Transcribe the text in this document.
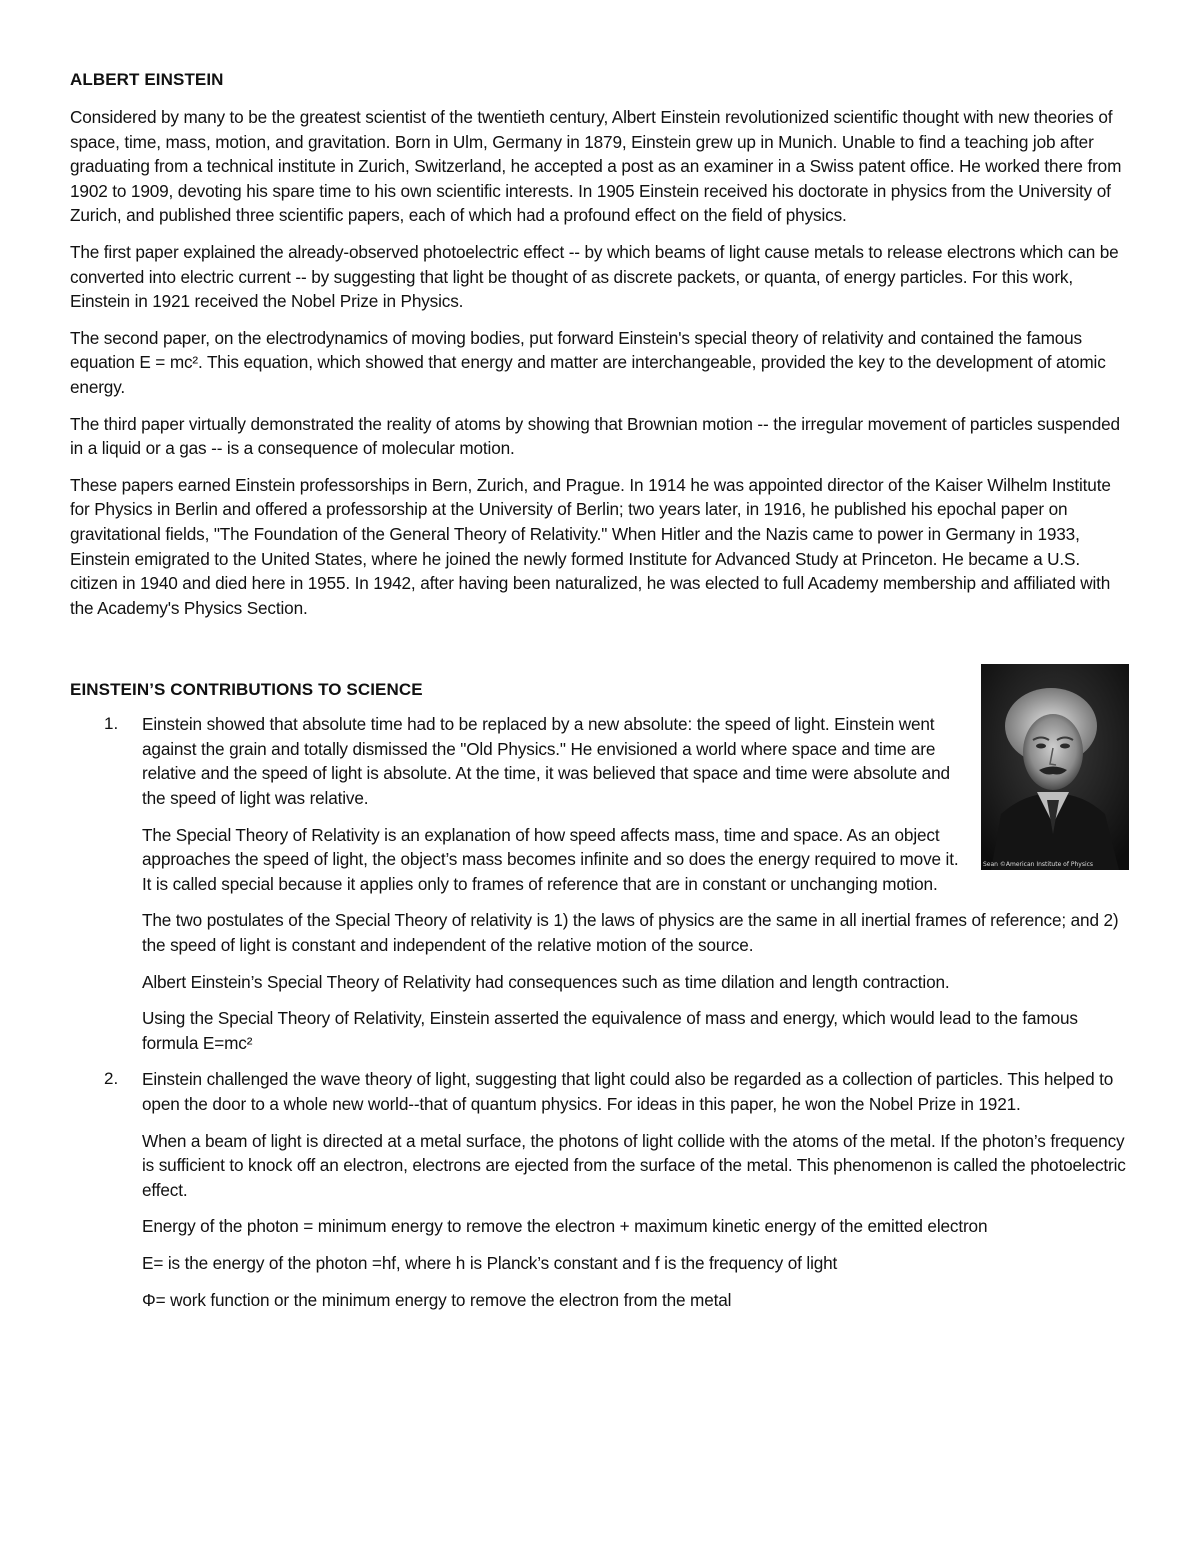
ALBERT EINSTEIN

Considered by many to be the greatest scientist of the twentieth century, Albert Einstein revolutionized scientific thought with new theories of space, time, mass, motion, and gravitation. Born in Ulm, Germany in 1879, Einstein grew up in Munich. Unable to find a teaching job after graduating from a technical institute in Zurich, Switzerland, he accepted a post as an examiner in a Swiss patent office. He worked there from 1902 to 1909, devoting his spare time to his own scientific interests. In 1905 Einstein received his doctorate in physics from the University of Zurich, and published three scientific papers, each of which had a profound effect on the field of physics.

The first paper explained the already-observed photoelectric effect -- by which beams of light cause metals to release electrons which can be converted into electric current -- by suggesting that light be thought of as discrete packets, or quanta, of energy particles. For this work, Einstein in 1921 received the Nobel Prize in Physics.

The second paper, on the electrodynamics of moving bodies, put forward Einstein's special theory of relativity and contained the famous equation E = mc². This equation, which showed that energy and matter are interchangeable, provided the key to the development of atomic energy.

The third paper virtually demonstrated the reality of atoms by showing that Brownian motion -- the irregular movement of particles suspended in a liquid or a gas -- is a consequence of molecular motion.

These papers earned Einstein professorships in Bern, Zurich, and Prague. In 1914 he was appointed director of the Kaiser Wilhelm Institute for Physics in Berlin and offered a professorship at the University of Berlin; two years later, in 1916, he published his epochal paper on gravitational fields, "The Foundation of the General Theory of Relativity." When Hitler and the Nazis came to power in Germany in 1933, Einstein emigrated to the United States, where he joined the newly formed Institute for Advanced Study at Princeton. He became a U.S. citizen in 1940 and died here in 1955. In 1942, after having been naturalized, he was elected to full Academy membership and affiliated with the Academy's Physics Section.

EINSTEIN’S CONTRIBUTIONS TO SCIENCE
Sean ©American Institute of Physics
1. Einstein showed that absolute time had to be replaced by a new absolute: the speed of light. Einstein went against the grain and totally dismissed the "Old Physics." He envisioned a world where space and time are relative and the speed of light is absolute. At the time, it was believed that space and time were absolute and the speed of light was relative.

The Special Theory of Relativity is an explanation of how speed affects mass, time and space. As an object approaches the speed of light, the object’s mass becomes infinite and so does the energy required to move it. It is called special because it applies only to frames of reference that are in constant or unchanging motion.

The two postulates of the Special Theory of relativity is 1) the laws of physics are the same in all inertial frames of reference; and 2) the speed of light is constant and independent of the relative motion of the source.

Albert Einstein’s Special Theory of Relativity had consequences such as time dilation and length contraction.

Using the Special Theory of Relativity, Einstein asserted the equivalence of mass and energy, which would lead to the famous formula E=mc²

2. Einstein challenged the wave theory of light, suggesting that light could also be regarded as a collection of particles. This helped to open the door to a whole new world--that of quantum physics. For ideas in this paper, he won the Nobel Prize in 1921.

When a beam of light is directed at a metal surface, the photons of light collide with the atoms of the metal. If the photon’s frequency is sufficient to knock off an electron, electrons are ejected from the surface of the metal. This phenomenon is called the photoelectric effect.

Energy of the photon = minimum energy to remove the electron + maximum kinetic energy of the emitted electron

E= is the energy of the photon =hf, where h is Planck’s constant and f is the frequency of light

Φ= work function or the minimum energy to remove the electron from the metal
